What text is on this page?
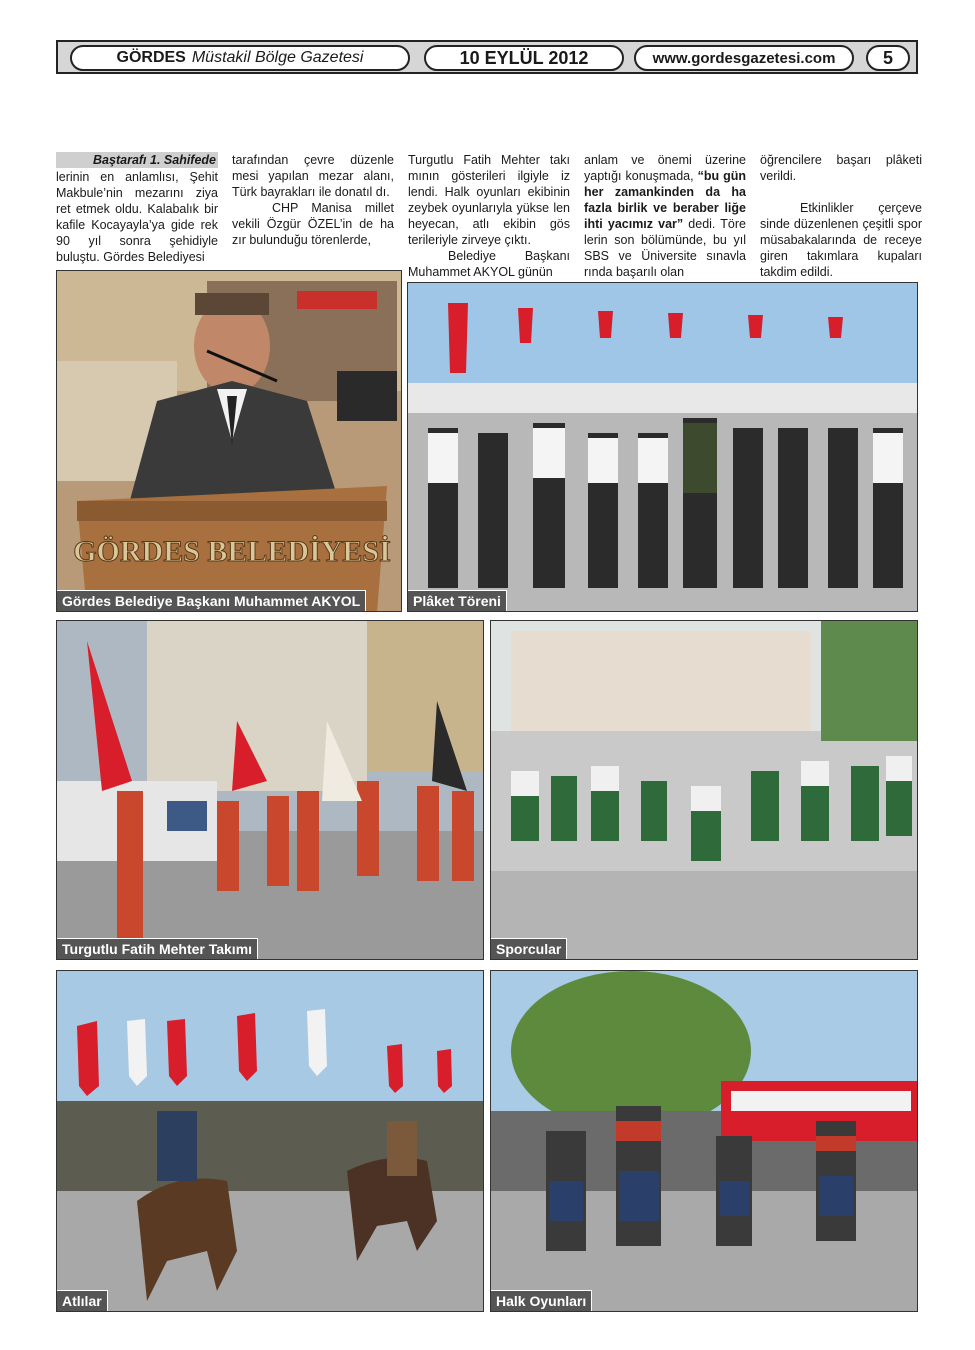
GÖRDES Müstakil Bölge Gazetesi	10 EYLÜL 2012	www.gordesgazetesi.com	5
Baştarafı 1. Sahifede

lerinin en anlamlısı, Şehit Makbule’nin mezarını ziya ret etmek oldu. Kalabalık bir kafile Kocayayla’ya gide rek 90 yıl sonra şehidiyle buluştu. Gördes Belediyesi

tarafından çevre düzenle mesi yapılan mezar alanı, Türk bayrakları ile donatıl dı.

CHP Manisa millet vekili Özgür ÖZEL’in de ha zır bulunduğu törenlerde,

Turgutlu Fatih Mehter takı mının gösterileri ilgiyle iz lendi. Halk oyunları ekibinin zeybek oyunlarıyla yükse len heyecan, atlı ekibin gös terileriyle zirveye çıktı.

Belediye Başkanı Muhammet AKYOL günün

anlam ve önemi üzerine yaptığı konuşmada, “bu gün her zamankinden da ha fazla birlik ve beraber liğe ihti yacımız var” dedi. Töre lerin son bölümünde, bu yıl SBS ve Üniversite sınavla rında başarılı olan

öğrencilere başarı plâketi verildi.

Etkinlikler çerçeve sinde düzenlenen çeşitli spor müsabakalarında de receye giren takımlara kupaları takdim edildi.

GÖRDES BELEDİYESİ
Gördes Belediye Başkanı Muhammet AKYOL	Plâket Töreni
Turgutlu Fatih Mehter Takımı	Sporcular
Atlılar	Halk Oyunları
